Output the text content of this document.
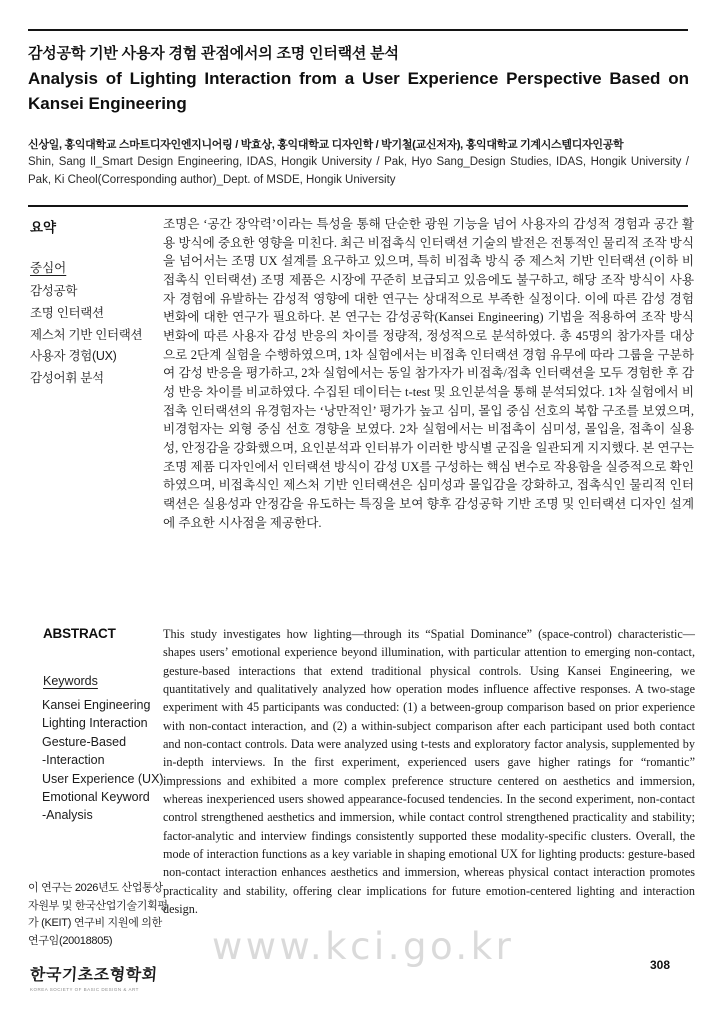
www.kci.go.kr
감성공학 기반 사용자 경험 관점에서의 조명 인터랙션 분석
Analysis of Lighting Interaction from a User Experience Perspective Based on Kansei Engineering

신상일, 홍익대학교 스마트디자인엔지니어링 / 박효상, 홍익대학교 디자인학 / 박기철(교신저자), 홍익대학교 기계시스템디자인공학

Shin, Sang Il_Smart Design Engineering, IDAS, Hongik University / Pak, Hyo Sang_Design Studies, IDAS, Hongik University / Pak, Ki Cheol(Corresponding author)_Dept. of MSDE, Hongik University

요약
중심어
감성공학
조명 인터랙션
제스처 기반 인터랙션
사용자 경험(UX)
감성어휘 분석

조명은 ‘공간 장악력’이라는 특성을 통해 단순한 광원 기능을 넘어 사용자의 감성적 경험과 공간 활용 방식에 중요한 영향을 미친다. 최근 비접촉식 인터랙션 기술의 발전은 전통적인 물리적 조작 방식을 넘어서는 조명 UX 설계를 요구하고 있으며, 특히 비접촉 방식 중 제스처 기반 인터랙션 (이하 비접촉식 인터랙션) 조명 제품은 시장에 꾸준히 보급되고 있음에도 불구하고, 해당 조작 방식이 사용자 경험에 유발하는 감성적 영향에 대한 연구는 상대적으로 부족한 실정이다. 이에 따른 감성 경험 변화에 대한 연구가 필요하다. 본 연구는 감성공학(Kansei Engineering) 기법을 적용하여 조작 방식 변화에 따른 사용자 감성 반응의 차이를 정량적, 정성적으로 분석하였다. 총 45명의 참가자를 대상으로 2단계 실험을 수행하였으며, 1차 실험에서는 비접촉 인터랙션 경험 유무에 따라 그룹을 구분하여 감성 반응을 평가하고, 2차 실험에서는 동일 참가자가 비접촉/접촉 인터랙션을 모두 경험한 후 감성 반응 차이를 비교하였다. 수집된 데이터는 t-test 및 요인분석을 통해 분석되었다. 1차 실험에서 비접촉 인터랙션의 유경험자는 ‘낭만적인’ 평가가 높고 심미, 몰입 중심 선호의 복합 구조를 보였으며, 비경험자는 외형 중심 선호 경향을 보였다. 2차 실험에서는 비접촉이 심미성, 몰입을, 접촉이 실용성, 안정감을 강화했으며, 요인분석과 인터뷰가 이러한 방식별 군집을 일관되게 지지했다. 본 연구는 조명 제품 디자인에서 인터랙션 방식이 감성 UX를 구성하는 핵심 변수로 작용함을 실증적으로 확인하였으며, 비접촉식인 제스처 기반 인터랙션은 심미성과 몰입감을 강화하고, 접촉식인 물리적 인터랙션은 실용성과 안정감을 유도하는 특징을 보여 향후 감성공학 기반 조명 및 인터랙션 디자인 설계에 주요한 시사점을 제공한다.

ABSTRACT
Keywords
Kansei Engineering
Lighting Interaction
Gesture-Based
-Interaction
User Experience (UX)
Emotional Keyword
-Analysis

This study investigates how lighting—through its “Spatial Dominance” (space-control) characteristic—shapes users’ emotional experience beyond illumination, with particular attention to emerging non-contact, gesture-based interactions that extend traditional physical controls. Using Kansei Engineering, we quantitatively and qualitatively analyzed how operation modes influence affective responses. A two-stage experiment with 45 participants was conducted: (1) a between-group comparison based on prior experience with non-contact interaction, and (2) a within-subject comparison after each participant used both contact and non-contact controls. Data were analyzed using t-tests and exploratory factor analysis, supplemented by in-depth interviews. In the first experiment, experienced users gave higher ratings for “romantic” impressions and exhibited a more complex preference structure centered on aesthetics and immersion, whereas inexperienced users showed appearance-focused tendencies. In the second experiment, non-contact control strengthened aesthetics and immersion, while contact control strengthened practicality and stability; factor-analytic and interview findings consistently supported these modality-specific clusters. Overall, the mode of interaction functions as a key variable in shaping emotional UX for lighting products: gesture-based non-contact interaction enhances aesthetics and immersion, whereas physical contact interaction promotes practicality and stability, offering clear implications for future emotion-centered lighting and interaction design.

이 연구는 2026년도 산업통상자원부 및 한국산업기술기획평가 (KEIT) 연구비 지원에 의한 연구임(20018805)
한국기초조형학회
KOREA SOCIETY OF BASIC DESIGN & ART
308
